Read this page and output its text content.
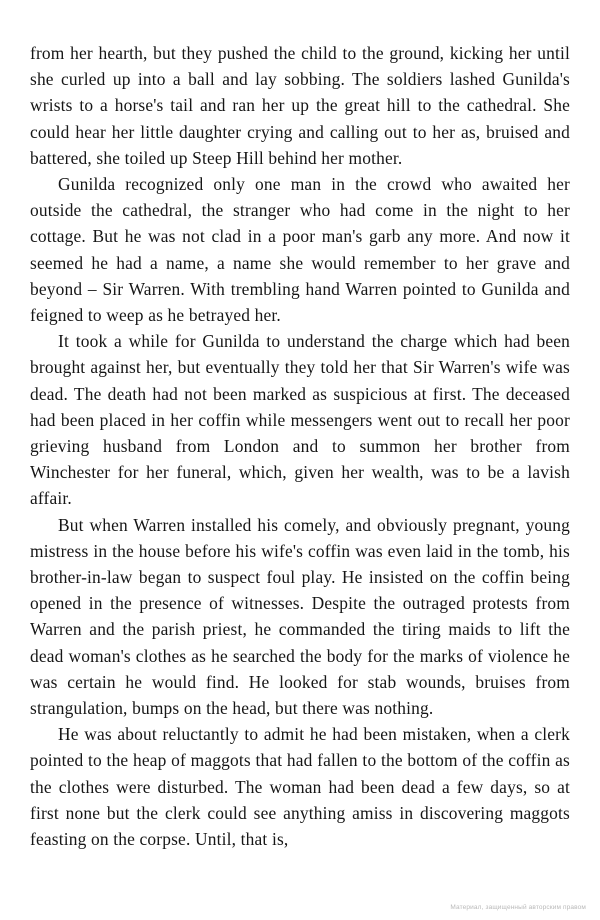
from her hearth, but they pushed the child to the ground, kicking her until she curled up into a ball and lay sobbing. The soldiers lashed Gunilda's wrists to a horse's tail and ran her up the great hill to the cathedral. She could hear her little daughter crying and calling out to her as, bruised and battered, she toiled up Steep Hill behind her mother.

Gunilda recognized only one man in the crowd who awaited her outside the cathedral, the stranger who had come in the night to her cottage. But he was not clad in a poor man's garb any more. And now it seemed he had a name, a name she would remember to her grave and beyond – Sir Warren. With trembling hand Warren pointed to Gunilda and feigned to weep as he betrayed her.

It took a while for Gunilda to understand the charge which had been brought against her, but eventually they told her that Sir Warren's wife was dead. The death had not been marked as suspicious at first. The deceased had been placed in her coffin while messengers went out to recall her poor grieving husband from London and to summon her brother from Winchester for her funeral, which, given her wealth, was to be a lavish affair.

But when Warren installed his comely, and obviously pregnant, young mistress in the house before his wife's coffin was even laid in the tomb, his brother-in-law began to suspect foul play. He insisted on the coffin being opened in the presence of witnesses. Despite the outraged protests from Warren and the parish priest, he commanded the tiring maids to lift the dead woman's clothes as he searched the body for the marks of violence he was certain he would find. He looked for stab wounds, bruises from strangulation, bumps on the head, but there was nothing.

He was about reluctantly to admit he had been mistaken, when a clerk pointed to the heap of maggots that had fallen to the bottom of the coffin as the clothes were disturbed. The woman had been dead a few days, so at first none but the clerk could see anything amiss in discovering maggots feasting on the corpse. Until, that is,

Материал, защищенный авторским правом
